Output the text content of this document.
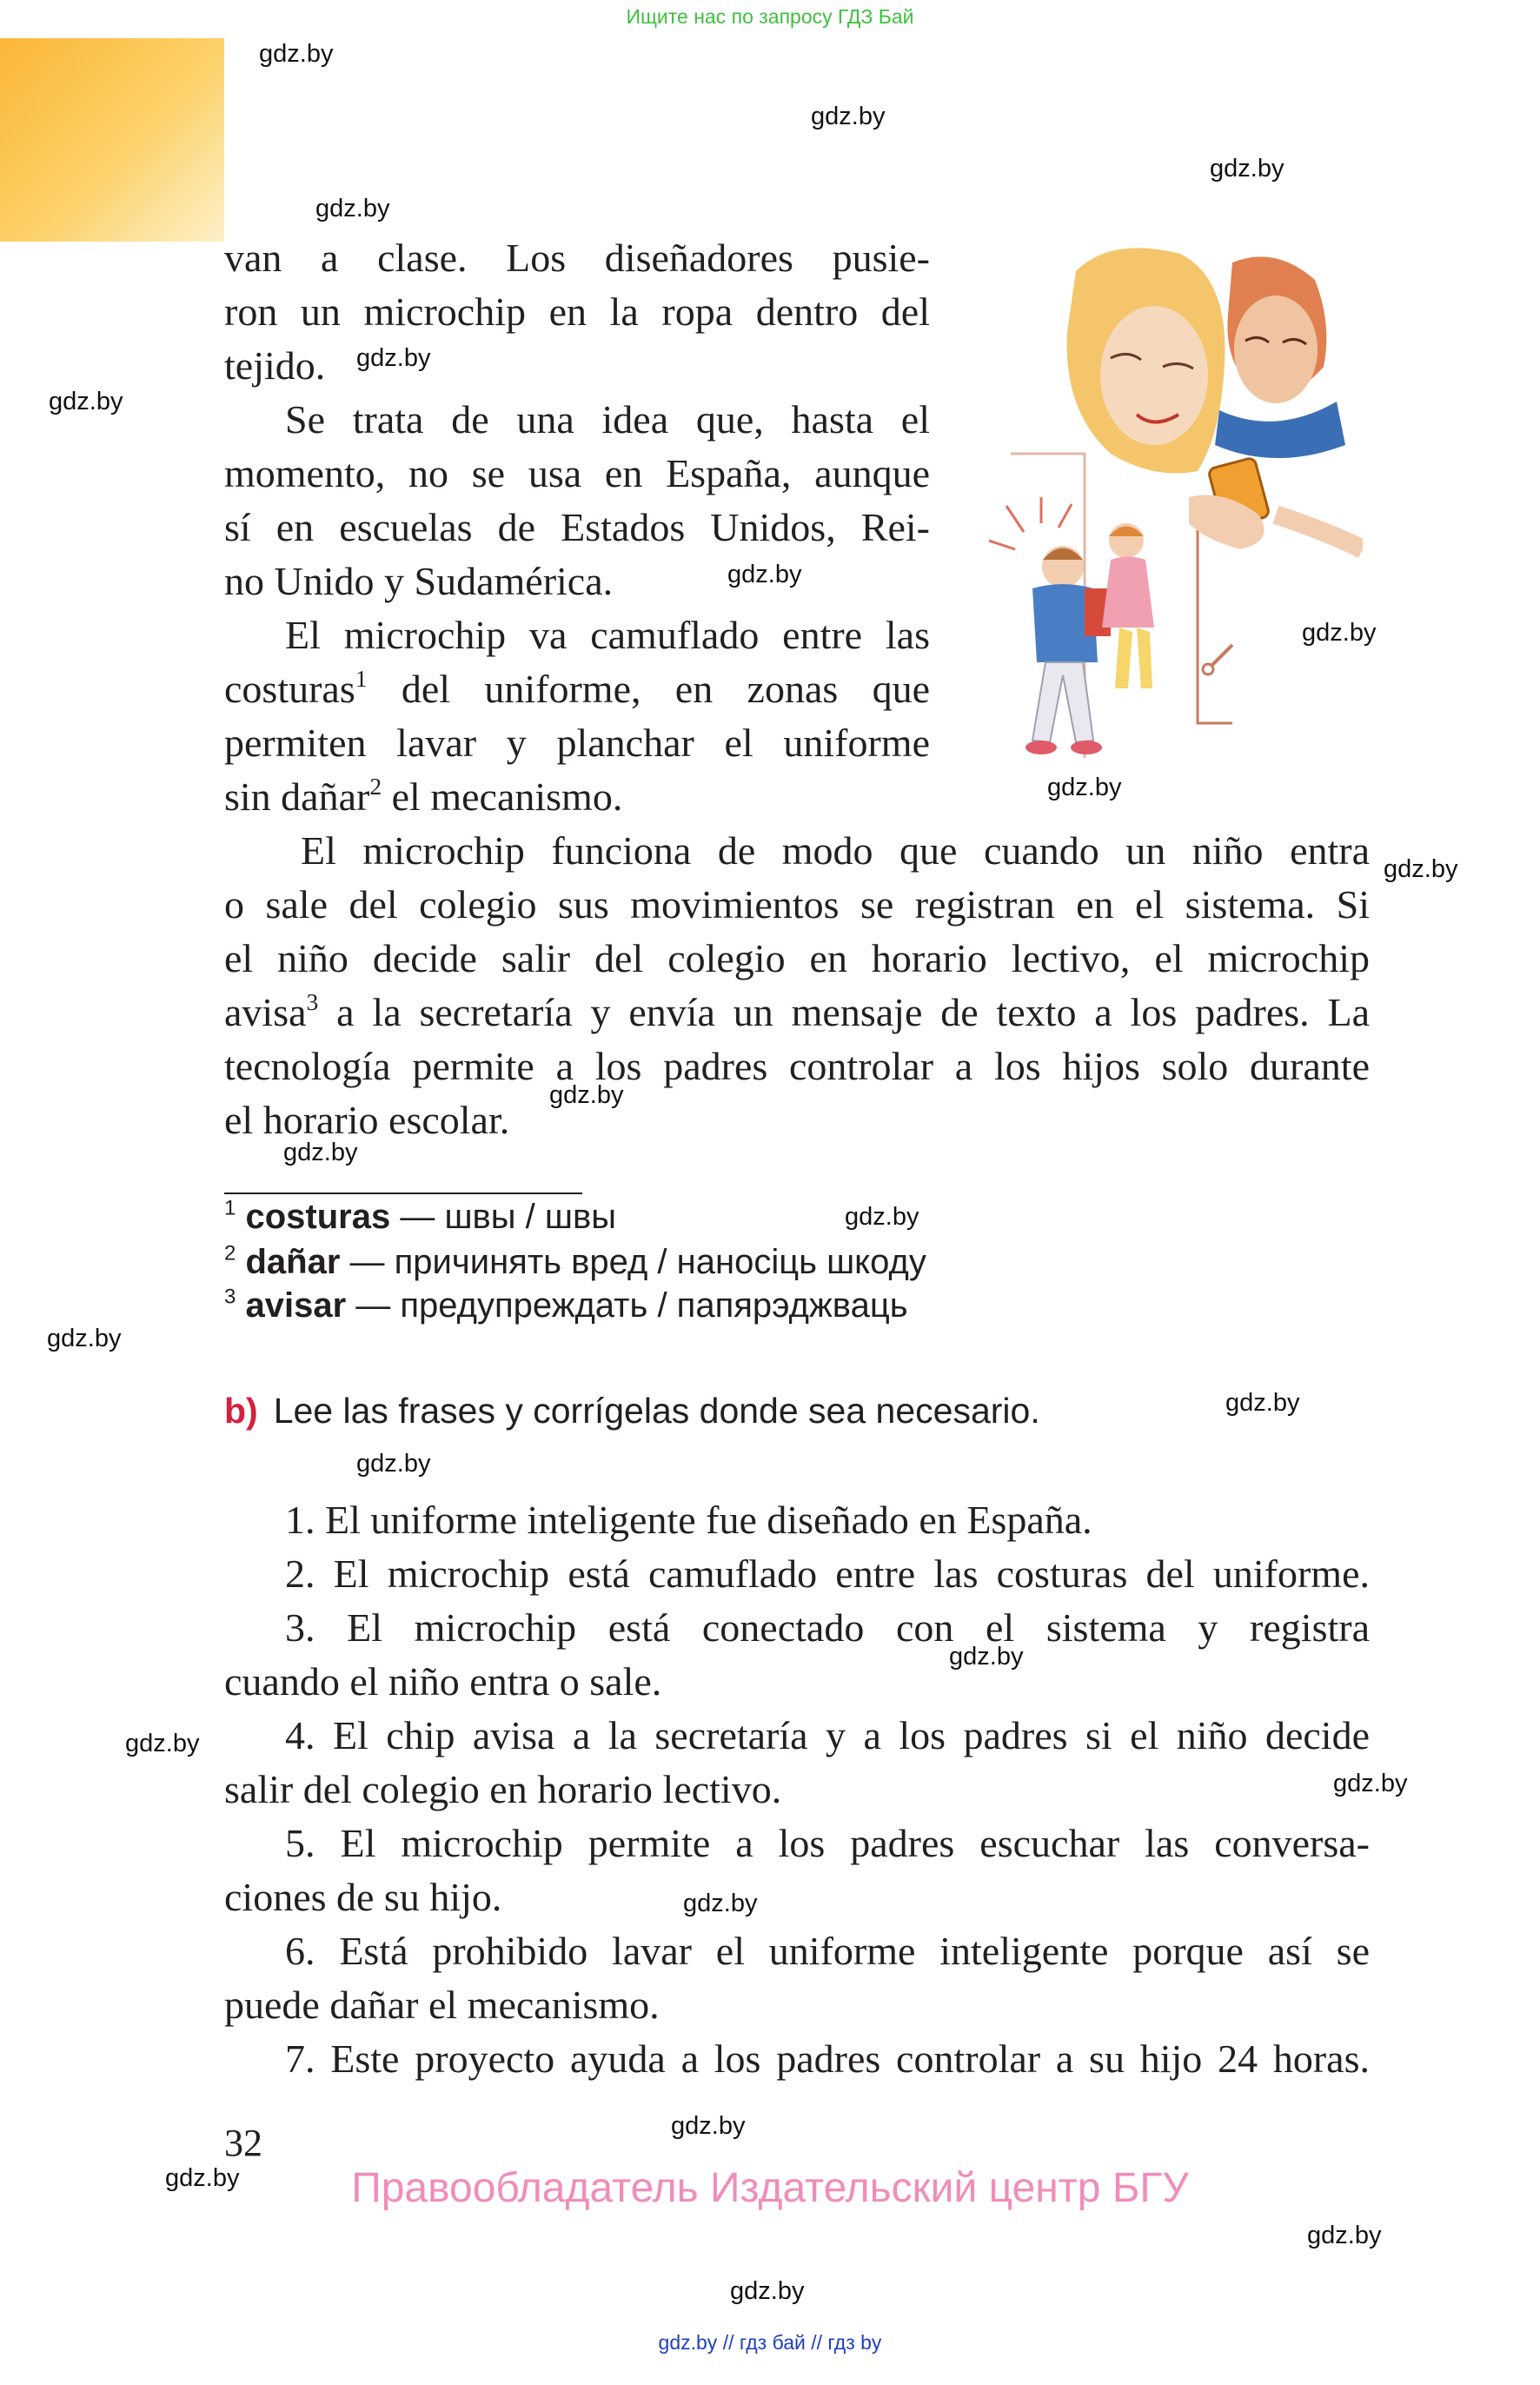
Ищите нас по запросу ГДЗ Бай
van a clase. Los diseñadores pusie-
ron un microchip en la ropa dentro del
tejido.
Se trata de una idea que, hasta el
momento, no se usa en España, aunque
sí en escuelas de Estados Unidos, Rei-
no Unido y Sudamérica.
El microchip va camuflado entre las
costuras$^1$ del uniforme, en zonas que
permiten lavar y planchar el uniforme
sin dañar$^2$ el mecanismo.
El microchip funciona de modo que cuando un niño entra
o sale del colegio sus movimientos se registran en el sistema. Si
el niño decide salir del colegio en horario lectivo, el microchip
avisa$^3$ a la secretaría y envía un mensaje de texto a los padres. La
tecnología permite a los padres controlar a los hijos solo durante
el horario escolar.
$^1$ costuras — швы / швы
$^2$ dañar — причинять вред / наносіць шкоду
$^3$ avisar — предупреждать / папярэджваць
b) Lee las frases y corrígelas donde sea necesario.
1. El uniforme inteligente fue diseñado en España.
2. El microchip está camuflado entre las costuras del uniforme.
3. El microchip está conectado con el sistema y registra
cuando el niño entra o sale.
4. El chip avisa a la secretaría y a los padres si el niño decide
salir del colegio en horario lectivo.
5. El microchip permite a los padres escuchar las conversa-
ciones de su hijo.
6. Está prohibido lavar el uniforme inteligente porque así se
puede dañar el mecanismo.
7. Este proyecto ayuda a los padres controlar a su hijo 24 horas.
32
Правообладатель Издательский центр БГУ
gdz.by // гдз бай // гдз by
gdz.by
gdz.by
gdz.by
gdz.by
gdz.by
gdz.by
gdz.by
gdz.by
gdz.by
gdz.by
gdz.by
gdz.by
gdz.by
gdz.by
gdz.by
gdz.by
gdz.by
gdz.by
gdz.by
gdz.by
gdz.by
gdz.by
gdz.by
gdz.by
